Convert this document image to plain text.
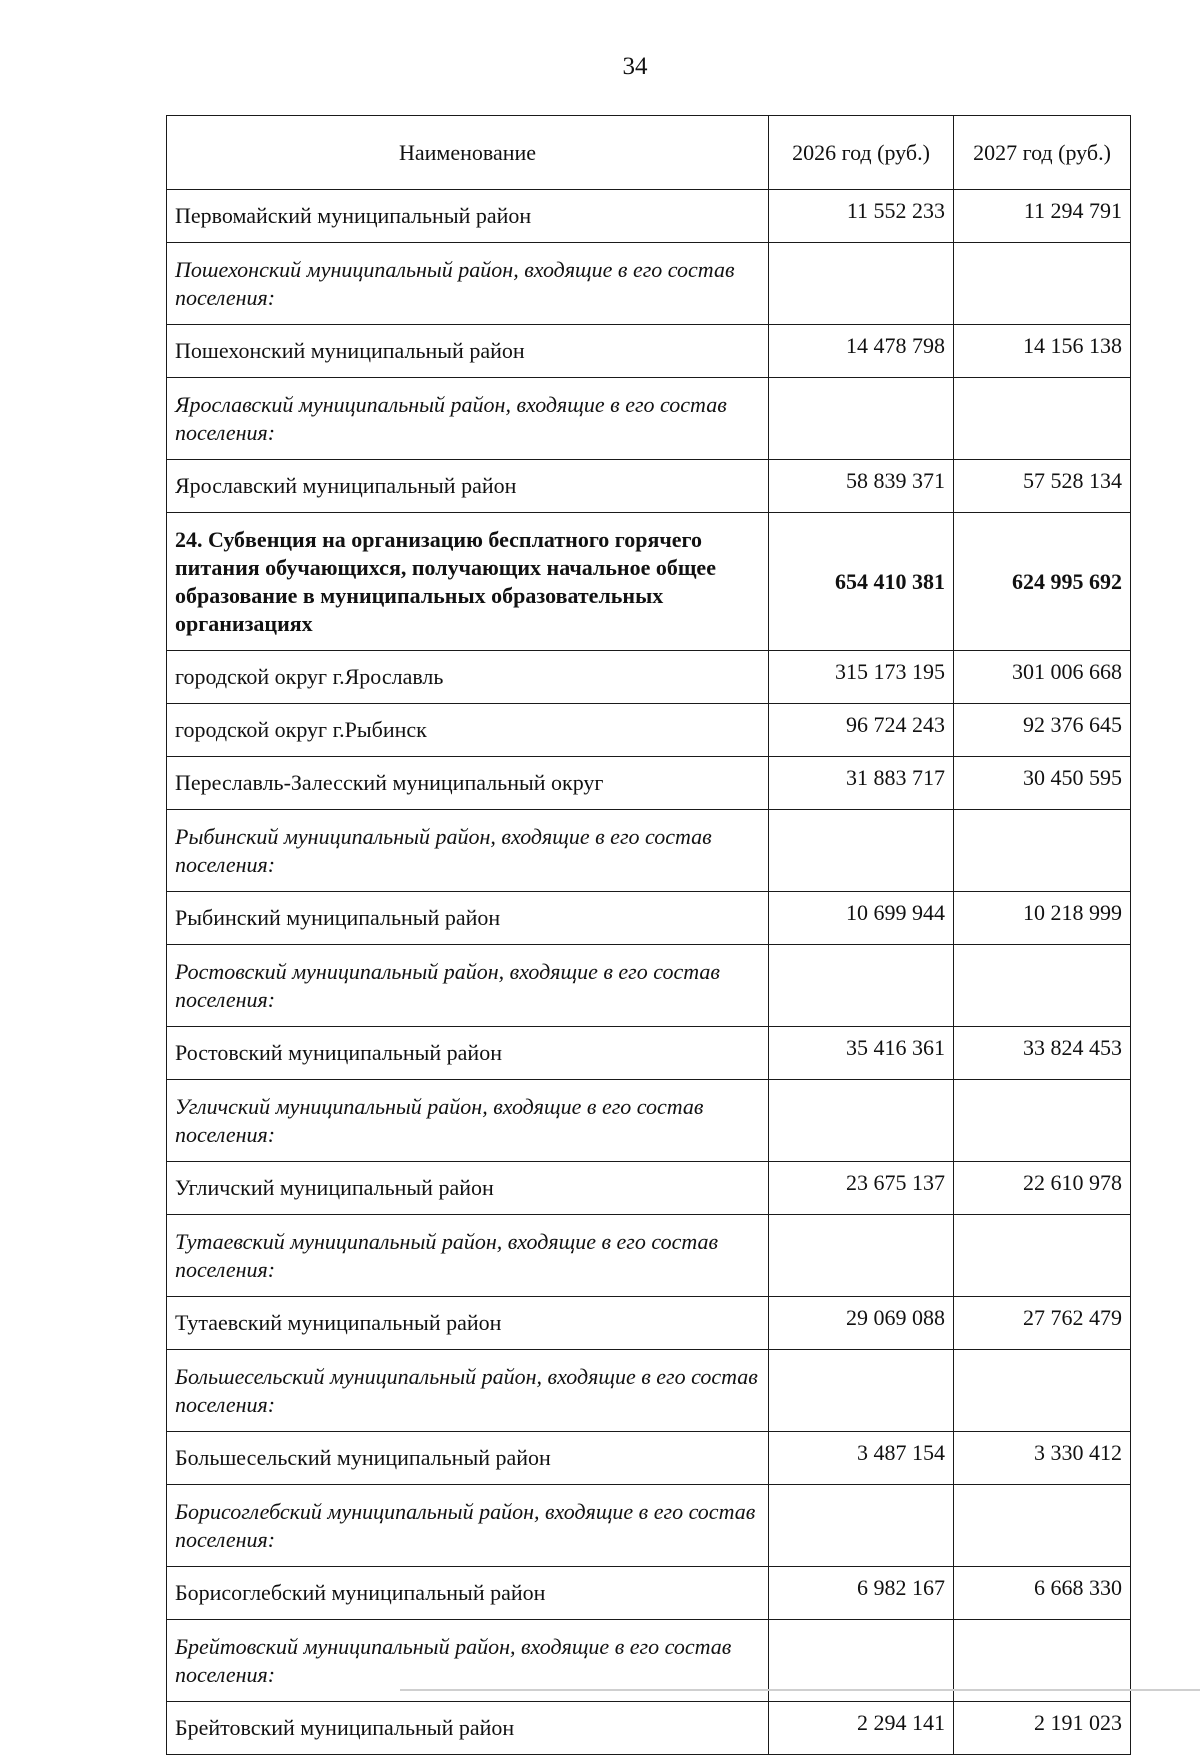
34
Наименование	2026 год (руб.)	2027 год (руб.)
Первомайский муниципальный район	11 552 233	11 294 791
Пошехонский муниципальный район, входящие в его состав поселения:		
Пошехонский муниципальный район	14 478 798	14 156 138
Ярославский муниципальный район, входящие в его состав поселения:		
Ярославский муниципальный район	58 839 371	57 528 134
24. Субвенция на организацию бесплатного горячего питания обучающихся, получающих начальное общее образование в муниципальных образовательных организациях	654 410 381	624 995 692
городской округ г.Ярославль	315 173 195	301 006 668
городской округ г.Рыбинск	96 724 243	92 376 645
Переславль-Залесский муниципальный округ	31 883 717	30 450 595
Рыбинский муниципальный район, входящие в его состав поселения:		
Рыбинский муниципальный район	10 699 944	10 218 999
Ростовский муниципальный район, входящие в его состав поселения:		
Ростовский муниципальный район	35 416 361	33 824 453
Угличский муниципальный район, входящие в его состав поселения:		
Угличский муниципальный район	23 675 137	22 610 978
Тутаевский муниципальный район, входящие в его состав поселения:		
Тутаевский муниципальный район	29 069 088	27 762 479
Большесельский муниципальный район, входящие в его состав поселения:		
Большесельский муниципальный район	3 487 154	3 330 412
Борисоглебский муниципальный район, входящие в его состав поселения:		
Борисоглебский муниципальный район	6 982 167	6 668 330
Брейтовский муниципальный район, входящие в его состав поселения:		
Брейтовский муниципальный район	2 294 141	2 191 023
